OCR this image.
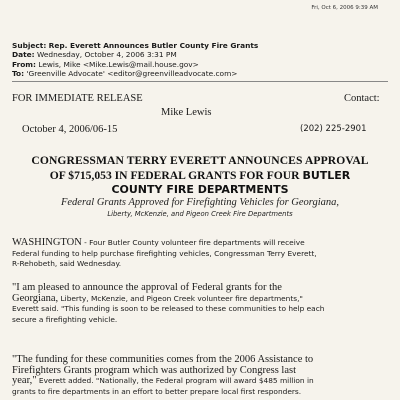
Fri, Oct 6, 2006 9:39 AM
Subject: Rep. Everett Announces Butler County Fire Grants
Date: Wednesday, October 4, 2006 3:31 PM
From: Lewis, Mike <Mike.Lewis@mail.house.gov>
To: 'Greenville Advocate' <editor@greenvilleadvocate.com>
FOR IMMEDIATE RELEASE	Contact:
Mike Lewis
October 4, 2006/06-15	(202) 225-2901
CONGRESSMAN TERRY EVERETT ANNOUNCES APPROVAL
OF $715,053 IN FEDERAL GRANTS FOR FOUR BUTLER
COUNTY FIRE DEPARTMENTS
Federal Grants Approved for Firefighting Vehicles for Georgiana,
Liberty, McKenzie, and Pigeon Creek Fire Departments
WASHINGTON - Four Butler County volunteer fire departments will receive
Federal funding to help purchase firefighting vehicles, Congressman Terry Everett,
R-Rehobeth, said Wednesday.
"I am pleased to announce the approval of Federal grants for the
Georgiana, Liberty, McKenzie, and Pigeon Creek volunteer fire departments,"
Everett said. "This funding is soon to be released to these communities to help each
secure a firefighting vehicle.
"The funding for these communities comes from the 2006 Assistance to
Firefighters Grants program which was authorized by Congress last
year," Everett added. "Nationally, the Federal program will award $485 million in
grants to fire departments in an effort to better prepare local first responders.
